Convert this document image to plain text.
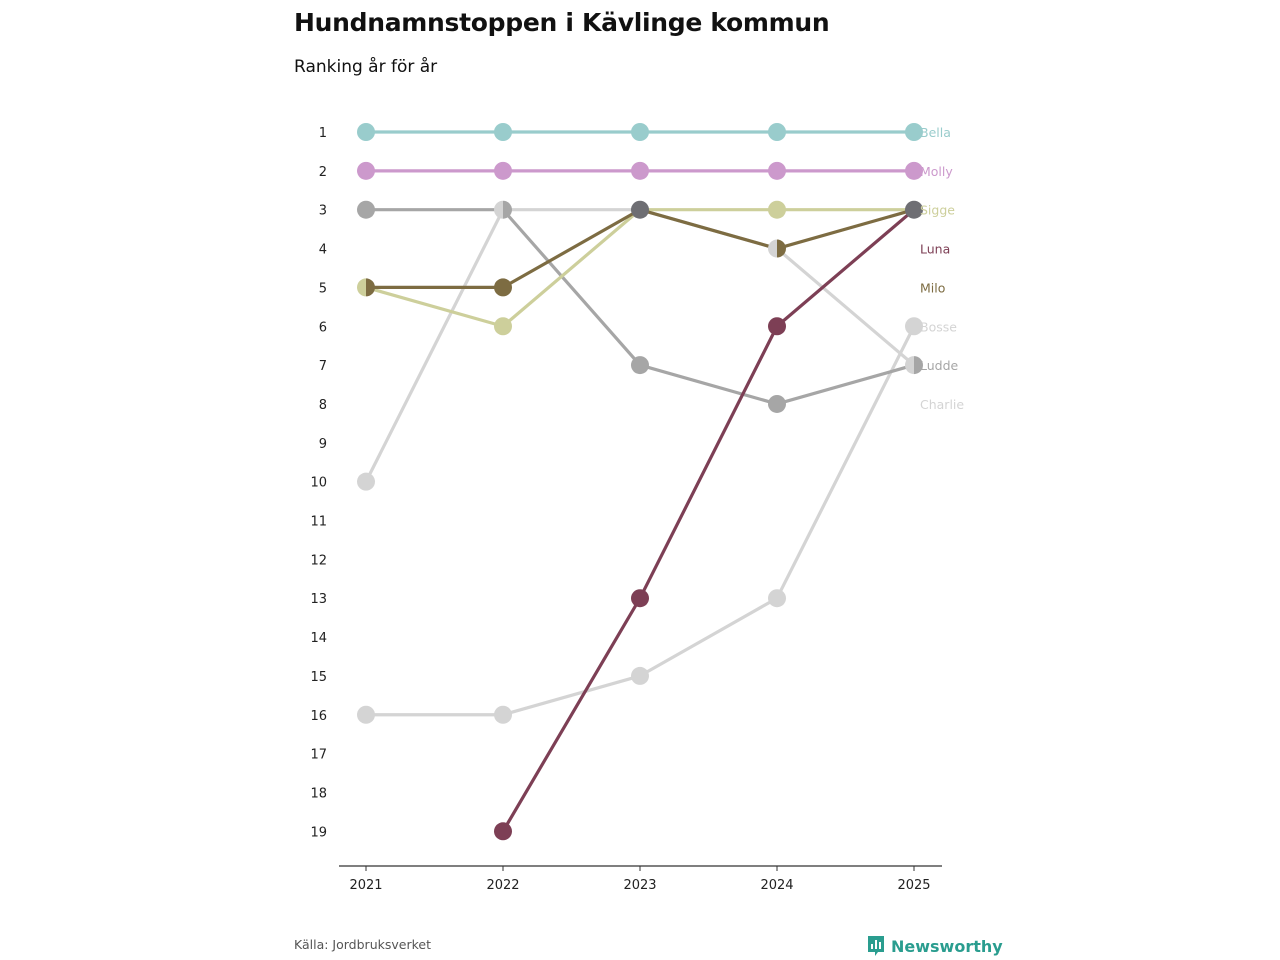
Hundnamnstoppen i Kävlinge kommun

Ranking år för år

1
2
3
4
5
6
7
8
9
10
11
12
13
14
15
16
17
18
19
2021	2022	2023	2024	2025
Bella
Molly
Sigge
Luna
Milo
Bosse
Ludde
Charlie
Källa: Jordbruksverket	Newsworthy
